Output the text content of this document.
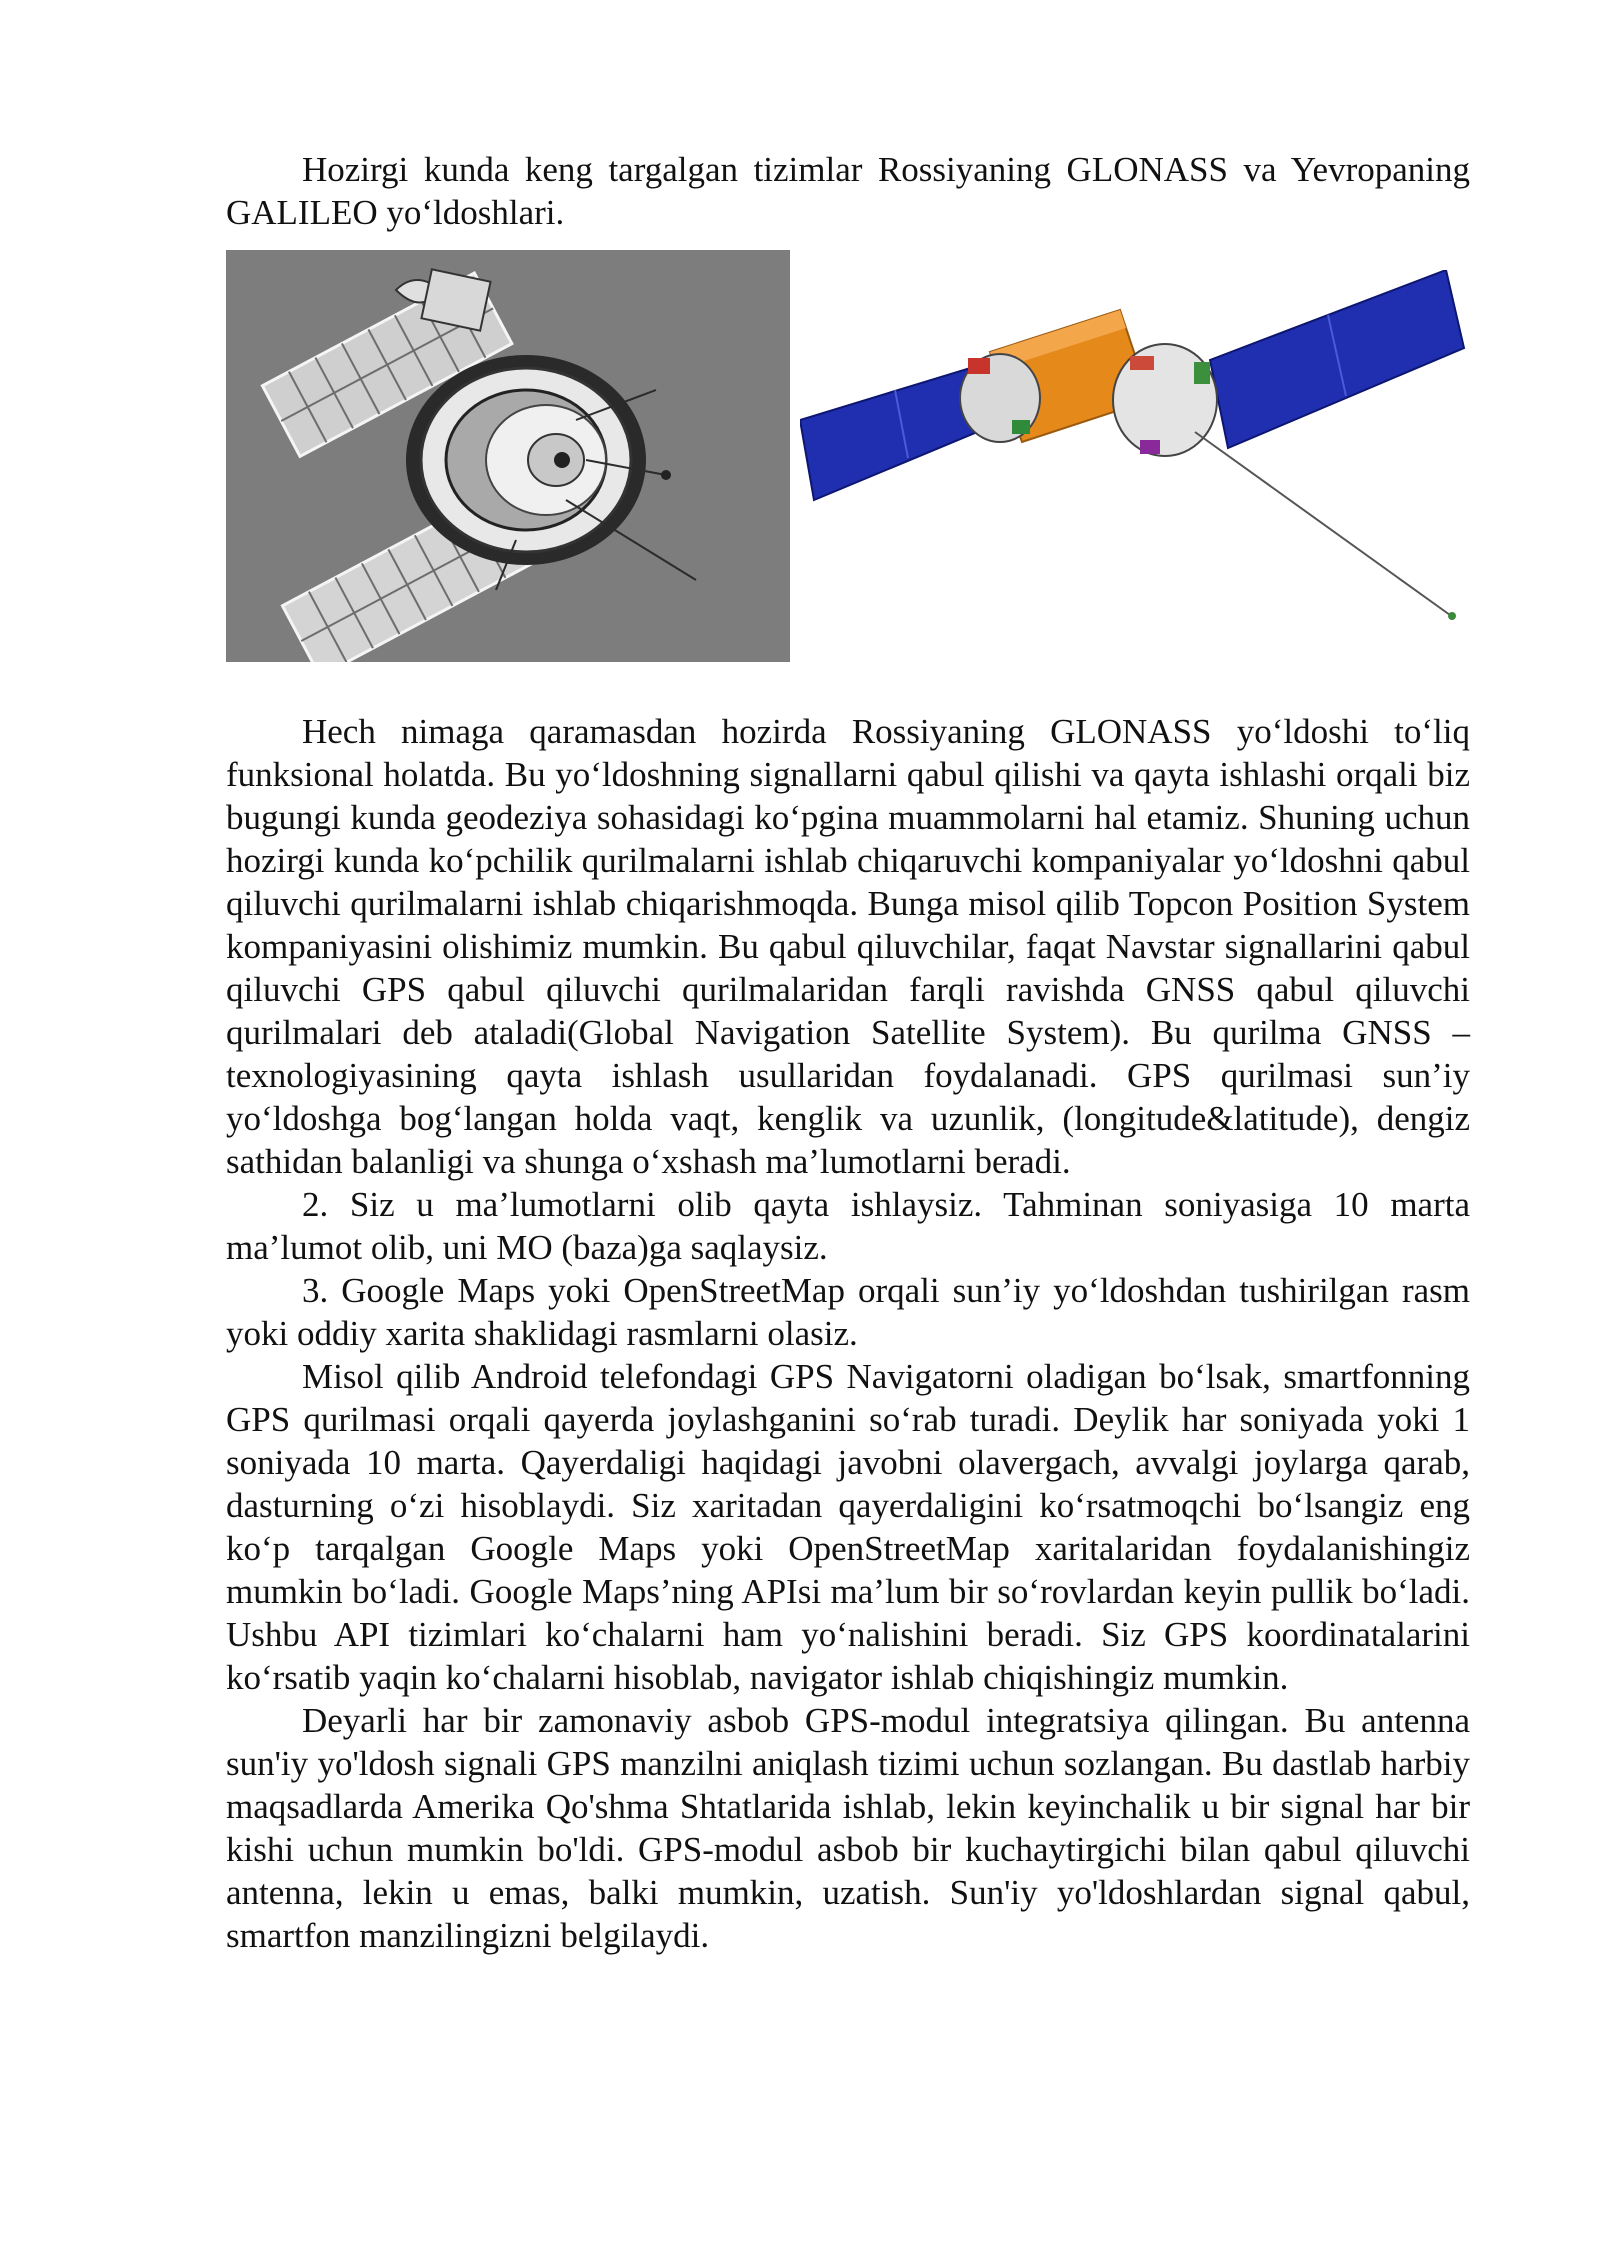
Hozirgi kunda keng targalgan tizimlar Rossiyaning GLONASS va Yevropaning GALILEO yo‘ldoshlari.

Hech nimaga qaramasdan hozirda Rossiyaning GLONASS yo‘ldoshi to‘liq funksional holatda. Bu yo‘ldoshning signallarni qabul qilishi va qayta ishlashi orqali biz bugungi kunda geodeziya sohasidagi ko‘pgina muammolarni hal etamiz. Shuning uchun hozirgi kunda ko‘pchilik qurilmalarni ishlab chiqaruvchi kompaniyalar yo‘ldoshni qabul qiluvchi qurilmalarni ishlab chiqarishmoqda. Bunga misol qilib Topcon Position System kompaniyasini olishimiz mumkin. Bu qabul qiluvchilar, faqat Navstar signallarini qabul qiluvchi GPS qabul qiluvchi qurilmalaridan farqli ravishda GNSS qabul qiluvchi qurilmalari deb ataladi(Global Navigation Satellite System). Bu qurilma GNSS – texnologiyasining qayta ishlash usullaridan foydalanadi. GPS qurilmasi sun’iy yo‘ldoshga bog‘langan holda vaqt, kenglik va uzunlik, (longitude&latitude), dengiz sathidan balanligi va shunga o‘xshash ma’lumotlarni beradi.

2. Siz u ma’lumotlarni olib qayta ishlaysiz. Tahminan soniyasiga 10 marta ma’lumot olib, uni MO (baza)ga saqlaysiz.

3. Google Maps yoki OpenStreetMap orqali sun’iy yo‘ldoshdan tushirilgan rasm yoki oddiy xarita shaklidagi rasmlarni olasiz.

Misol qilib Android telefondagi GPS Navigatorni oladigan bo‘lsak, smartfonning GPS qurilmasi orqali qayerda joylashganini so‘rab turadi. Deylik har soniyada yoki 1 soniyada 10 marta. Qayerdaligi haqidagi javobni olavergach, avvalgi joylarga qarab, dasturning o‘zi hisoblaydi. Siz xaritadan qayerdaligini ko‘rsatmoqchi bo‘lsangiz eng ko‘p tarqalgan Google Maps yoki OpenStreetMap xaritalaridan foydalanishingiz mumkin bo‘ladi. Google Maps’ning APIsi ma’lum bir so‘rovlardan keyin pullik bo‘ladi. Ushbu API tizimlari ko‘chalarni ham yo‘nalishini beradi. Siz GPS koordinatalarini ko‘rsatib yaqin ko‘chalarni hisoblab, navigator ishlab chiqishingiz mumkin.

Deyarli har bir zamonaviy asbob GPS-modul integratsiya qilingan. Bu antenna sun'iy yo'ldosh signali GPS manzilni aniqlash tizimi uchun sozlangan. Bu dastlab harbiy maqsadlarda Amerika Qo'shma Shtatlarida ishlab, lekin keyinchalik u bir signal har bir kishi uchun mumkin bo'ldi. GPS-modul asbob bir kuchaytirgichi bilan qabul qiluvchi antenna, lekin u emas, balki mumkin, uzatish. Sun'iy yo'ldoshlardan signal qabul, smartfon manzilingizni belgilaydi.
